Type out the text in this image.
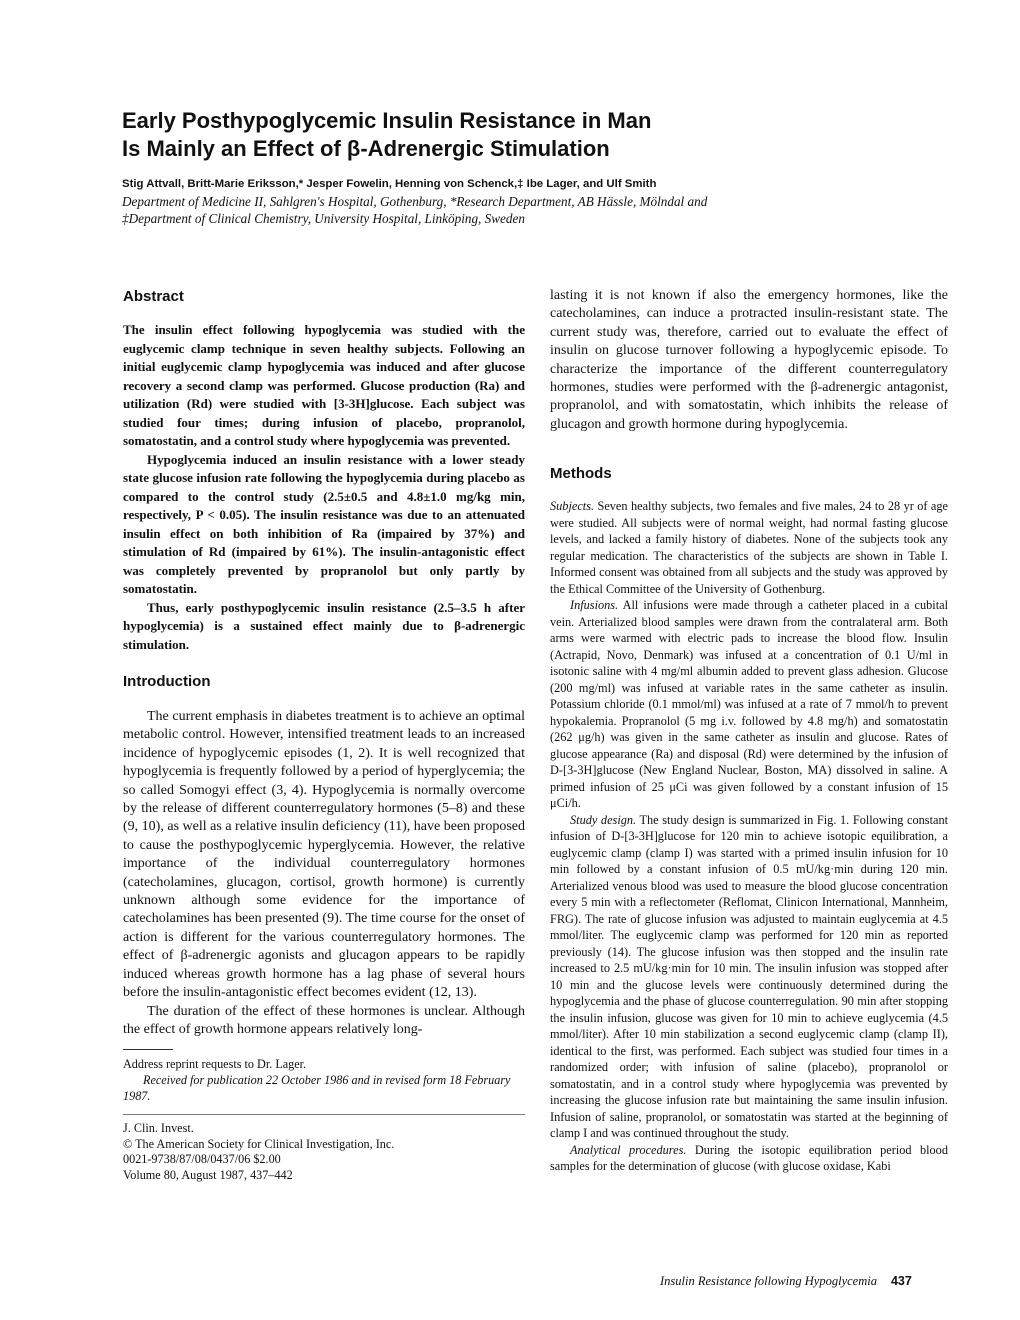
Early Posthypoglycemic Insulin Resistance in Man
Is Mainly an Effect of β-Adrenergic Stimulation
Stig Attvall, Britt-Marie Eriksson,* Jesper Fowelin, Henning von Schenck,‡ Ibe Lager, and Ulf Smith
Department of Medicine II, Sahlgren's Hospital, Gothenburg, *Research Department, AB Hässle, Mölndal and
‡Department of Clinical Chemistry, University Hospital, Linköping, Sweden
Abstract

The insulin effect following hypoglycemia was studied with the euglycemic clamp technique in seven healthy subjects. Following an initial euglycemic clamp hypoglycemia was induced and after glucose recovery a second clamp was performed. Glucose production (Ra) and utilization (Rd) were studied with [3-3H]glucose. Each subject was studied four times; during infusion of placebo, propranolol, somatostatin, and a control study where hypoglycemia was prevented.

Hypoglycemia induced an insulin resistance with a lower steady state glucose infusion rate following the hypoglycemia during placebo as compared to the control study (2.5±0.5 and 4.8±1.0 mg/kg min, respectively, P < 0.05). The insulin resistance was due to an attenuated insulin effect on both inhibition of Ra (impaired by 37%) and stimulation of Rd (impaired by 61%). The insulin-antagonistic effect was completely prevented by propranolol but only partly by somatostatin.

Thus, early posthypoglycemic insulin resistance (2.5–3.5 h after hypoglycemia) is a sustained effect mainly due to β-adrenergic stimulation.

Introduction

The current emphasis in diabetes treatment is to achieve an optimal metabolic control. However, intensified treatment leads to an increased incidence of hypoglycemic episodes (1, 2). It is well recognized that hypoglycemia is frequently followed by a period of hyperglycemia; the so called Somogyi effect (3, 4). Hypoglycemia is normally overcome by the release of different counterregulatory hormones (5–8) and these (9, 10), as well as a relative insulin deficiency (11), have been proposed to cause the posthypoglycemic hyperglycemia. However, the relative importance of the individual counterregulatory hormones (catecholamines, glucagon, cortisol, growth hormone) is currently unknown although some evidence for the importance of catecholamines has been presented (9). The time course for the onset of action is different for the various counterregulatory hormones. The effect of β-adrenergic agonists and glucagon appears to be rapidly induced whereas growth hormone has a lag phase of several hours before the insulin-antagonistic effect becomes evident (12, 13).

The duration of the effect of these hormones is unclear. Although the effect of growth hormone appears relatively long-

Address reprint requests to Dr. Lager.

Received for publication 22 October 1986 and in revised form 18 February 1987.

J. Clin. Invest.
© The American Society for Clinical Investigation, Inc.
0021-9738/87/08/0437/06 $2.00
Volume 80, August 1987, 437–442

lasting it is not known if also the emergency hormones, like the catecholamines, can induce a protracted insulin-resistant state. The current study was, therefore, carried out to evaluate the effect of insulin on glucose turnover following a hypoglycemic episode. To characterize the importance of the different counterregulatory hormones, studies were performed with the β-adrenergic antagonist, propranolol, and with somatostatin, which inhibits the release of glucagon and growth hormone during hypoglycemia.

Methods

Subjects. Seven healthy subjects, two females and five males, 24 to 28 yr of age were studied. All subjects were of normal weight, had normal fasting glucose levels, and lacked a family history of diabetes. None of the subjects took any regular medication. The characteristics of the subjects are shown in Table I. Informed consent was obtained from all subjects and the study was approved by the Ethical Committee of the University of Gothenburg.

Infusions. All infusions were made through a catheter placed in a cubital vein. Arterialized blood samples were drawn from the contralateral arm. Both arms were warmed with electric pads to increase the blood flow. Insulin (Actrapid, Novo, Denmark) was infused at a concentration of 0.1 U/ml in isotonic saline with 4 mg/ml albumin added to prevent glass adhesion. Glucose (200 mg/ml) was infused at variable rates in the same catheter as insulin. Potassium chloride (0.1 mmol/ml) was infused at a rate of 7 mmol/h to prevent hypokalemia. Propranolol (5 mg i.v. followed by 4.8 mg/h) and somatostatin (262 μg/h) was given in the same catheter as insulin and glucose. Rates of glucose appearance (Ra) and disposal (Rd) were determined by the infusion of D-[3-3H]glucose (New England Nuclear, Boston, MA) dissolved in saline. A primed infusion of 25 μCi was given followed by a constant infusion of 15 μCi/h.

Study design. The study design is summarized in Fig. 1. Following constant infusion of D-[3-3H]glucose for 120 min to achieve isotopic equilibration, a euglycemic clamp (clamp I) was started with a primed insulin infusion for 10 min followed by a constant infusion of 0.5 mU/kg·min during 120 min. Arterialized venous blood was used to measure the blood glucose concentration every 5 min with a reflectometer (Reflomat, Clinicon International, Mannheim, FRG). The rate of glucose infusion was adjusted to maintain euglycemia at 4.5 mmol/liter. The euglycemic clamp was performed for 120 min as reported previously (14). The glucose infusion was then stopped and the insulin rate increased to 2.5 mU/kg·min for 10 min. The insulin infusion was stopped after 10 min and the glucose levels were continuously determined during the hypoglycemia and the phase of glucose counterregulation. 90 min after stopping the insulin infusion, glucose was given for 10 min to achieve euglycemia (4.5 mmol/liter). After 10 min stabilization a second euglycemic clamp (clamp II), identical to the first, was performed. Each subject was studied four times in a randomized order; with infusion of saline (placebo), propranolol or somatostatin, and in a control study where hypoglycemia was prevented by increasing the glucose infusion rate but maintaining the same insulin infusion. Infusion of saline, propranolol, or somatostatin was started at the beginning of clamp I and was continued throughout the study.

Analytical procedures. During the isotopic equilibration period blood samples for the determination of glucose (with glucose oxidase, Kabi

Insulin Resistance following Hypoglycemia 437
